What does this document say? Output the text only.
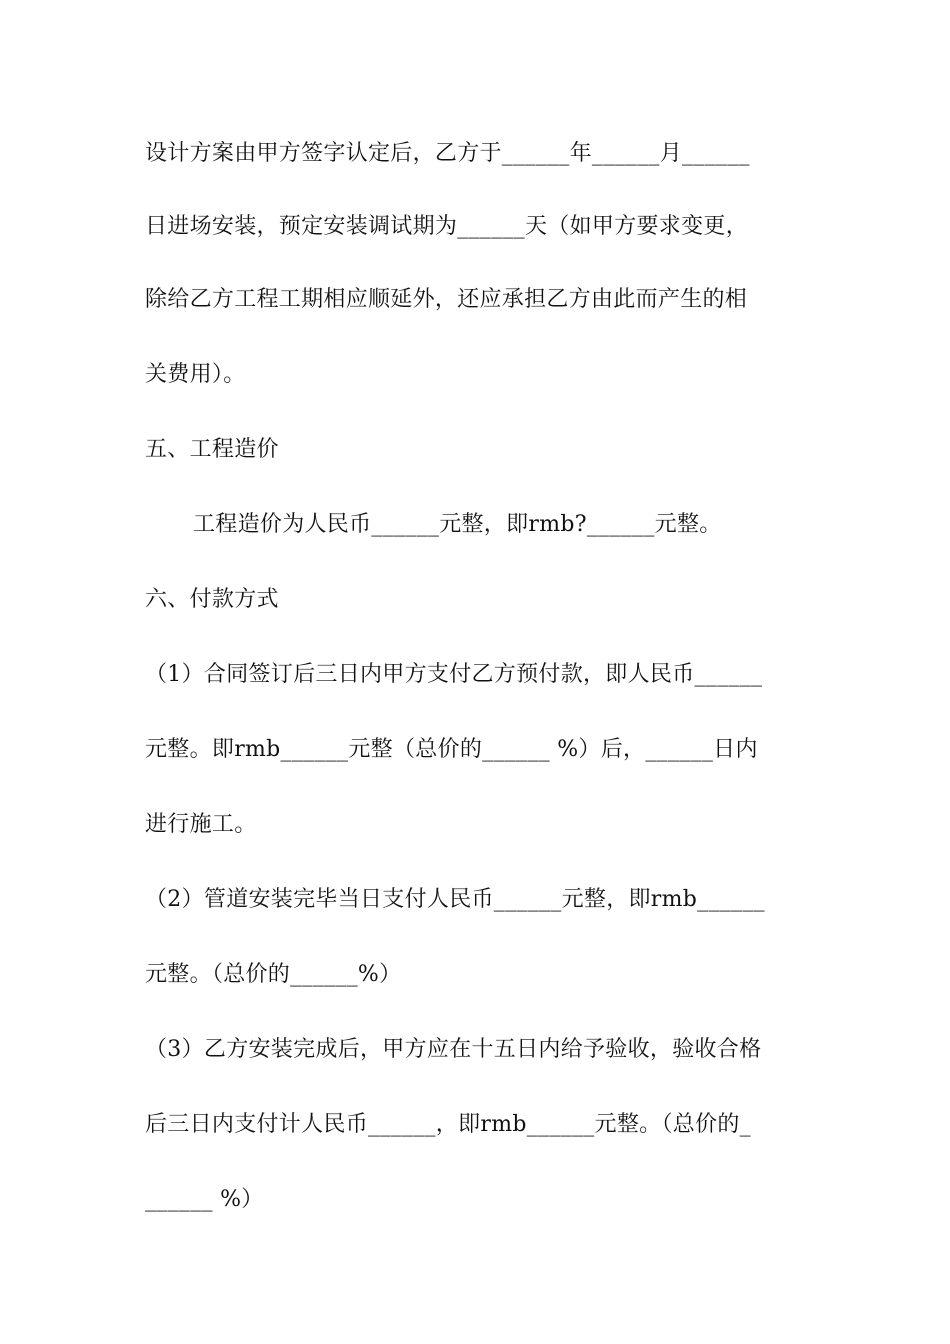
设计方案由甲方签字认定后，乙方于______年______月______
日进场安装，预定安装调试期为______天（如甲方要求变更，
除给乙方工程工期相应顺延外，还应承担乙方由此而产生的相
关费用）。
五、工程造价
工程造价为人民币______元整，即rmb?______元整。
六、付款方式
（1）合同签订后三日内甲方支付乙方预付款，即人民币______
元整。即rmb______元整（总价的______ %）后，______日内
进行施工。
（2）管道安装完毕当日支付人民币______元整，即rmb______
元整。（总价的______%）
（3）乙方安装完成后，甲方应在十五日内给予验收，验收合格
后三日内支付计人民币______，即rmb______元整。（总价的_
______ %）
